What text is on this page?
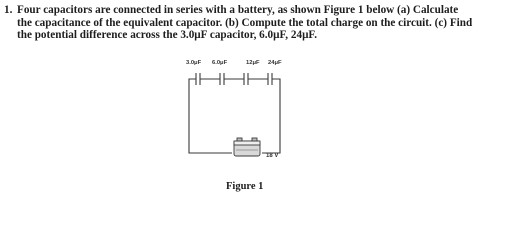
1. Four capacitors are connected in series with a battery, as shown Figure 1 below (a) Calculate
the capacitance of the equivalent capacitor. (b) Compute the total charge on the circuit. (c) Find
the potential difference across the 3.0μF capacitor, 6.0μF, 24μF.
3.0μF 6.0μF	12μF 24μF
18 V
Figure 1
